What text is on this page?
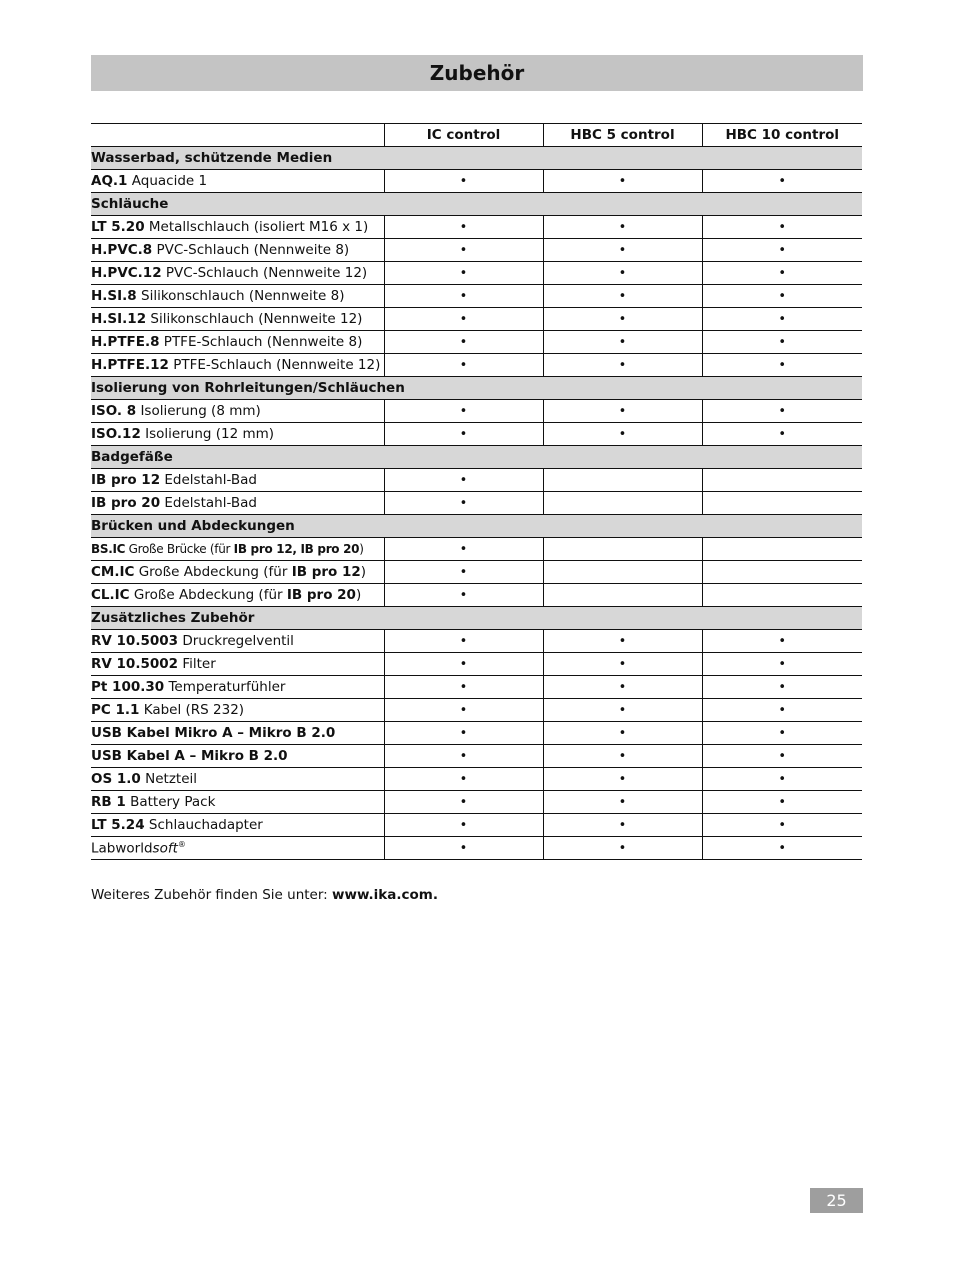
Zubehör
	IC control	HBC 5 control	HBC 10 control
Wasserbad, schützende Medien			
AQ.1 Aquacide 1	•	•	•
Schläuche			
LT 5.20 Metallschlauch (isoliert M16 x 1)	•	•	•
H.PVC.8 PVC-Schlauch (Nennweite 8)	•	•	•
H.PVC.12 PVC-Schlauch (Nennweite 12)	•	•	•
H.SI.8 Silikonschlauch (Nennweite 8)	•	•	•
H.SI.12 Silikonschlauch (Nennweite 12)	•	•	•
H.PTFE.8 PTFE-Schlauch (Nennweite 8)	•	•	•
H.PTFE.12 PTFE-Schlauch (Nennweite 12)	•	•	•
Isolierung von Rohrleitungen/Schläuchen			
ISO. 8 Isolierung (8 mm)	•	•	•
ISO.12 Isolierung (12 mm)	•	•	•
Badgefäße			
IB pro 12 Edelstahl-Bad	•		
IB pro 20 Edelstahl-Bad	•		
Brücken und Abdeckungen			
BS.IC Große Brücke (für IB pro 12, IB pro 20)	•		
CM.IC Große Abdeckung (für IB pro 12)	•		
CL.IC Große Abdeckung (für IB pro 20)	•		
Zusätzliches Zubehör			
RV 10.5003 Druckregelventil	•	•	•
RV 10.5002 Filter	•	•	•
Pt 100.30 Temperaturfühler	•	•	•
PC 1.1 Kabel (RS 232)	•	•	•
USB Kabel Mikro A – Mikro B 2.0	•	•	•
USB Kabel A – Mikro B 2.0	•	•	•
OS 1.0 Netzteil	•	•	•
RB 1 Battery Pack	•	•	•
LT 5.24 Schlauchadapter	•	•	•
Labworldsoft®	•	•	•
Weiteres Zubehör finden Sie unter: www.ika.com.
25
